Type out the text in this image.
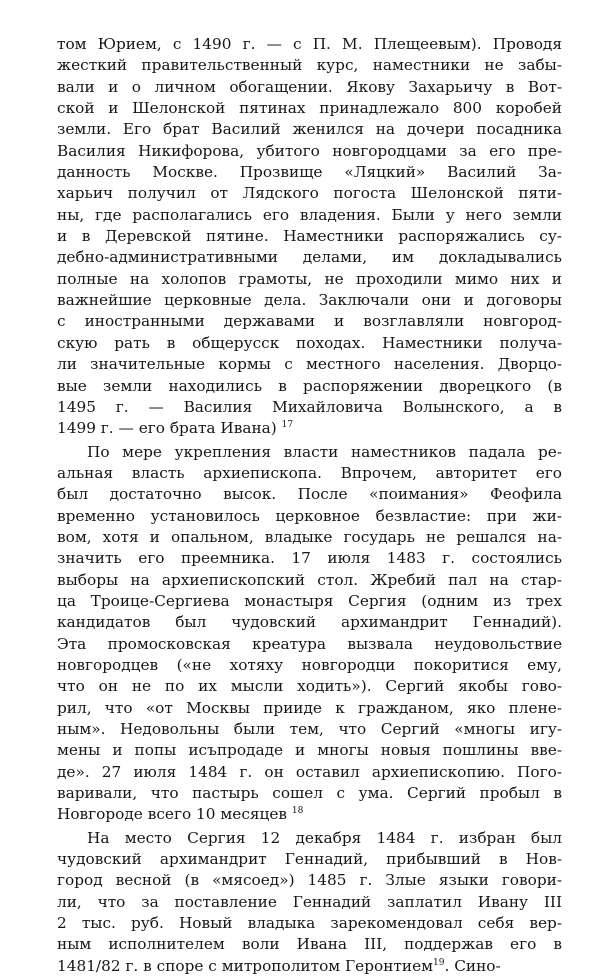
том Юрием, с 1490 г. — с П. М. Плещеевым). Проводя
жесткий правительственный курс, наместники не забы-
вали и о личном обогащении. Якову Захарьичу в Вот-
ской и Шелонской пятинах принадлежало 800 коробей
земли. Его брат Василий женился на дочери посадника
Василия Никифорова, убитого новгородцами за его пре-
данность Москве. Прозвище «Ляцкий» Василий За-
харьич получил от Лядского погоста Шелонской пяти-
ны, где располагались его владения. Были у него земли
и в Деревской пятине. Наместники распоряжались су-
дебно-административными делами, им докладывались
полные на холопов грамоты, не проходили мимо них и
важнейшие церковные дела. Заключали они и договоры
с иностранными державами и возглавляли новгород-
скую рать в общерусск походах. Наместники получа-
ли значительные кормы с местного населения. Дворцо-
вые земли находились в распоряжении дворецкого (в
1495 г. — Василия Михайловича Волынского, а в
1499 г. — его брата Ивана) $^{17}$
По мере укрепления власти наместников падала ре-
альная власть архиепископа. Впрочем, авторитет его
был достаточно высок. После «поимания» Феофила
временно установилось церковное безвластие: при жи-
вом, хотя и опальном, владыке государь не решался на-
значить его преемника. 17 июля 1483 г. состоялись
выборы на архиепископский стол. Жребий пал на стар-
ца Троице-Сергиева монастыря Сергия (одним из трех
кандидатов был чудовский архимандрит Геннадий).
Эта промосковская креатура вызвала неудовольствие
новгородцев («не хотяху новгородци покоритися ему,
что он не по их мысли ходить»). Сергий якобы гово-
рил, что «от Москвы прииде к гражданом, яко плене-
ным». Недовольны были тем, что Сергий «многы игу-
мены и попы исъпродаде и многы новыя пошлины вве-
де». 27 июля 1484 г. он оставил архиепископию. Пого-
варивали, что пастырь сошел с ума. Сергий пробыл в
Новгороде всего 10 месяцев $^{18}$
На место Сергия 12 декабря 1484 г. избран был
чудовский архимандрит Геннадий, прибывший в Нов-
город весной (в «мясоед») 1485 г. Злые языки говори-
ли, что за поставление Геннадий заплатил Ивану III
2 тыс. руб. Новый владыка зарекомендовал себя вер-
ным исполнителем воли Ивана III, поддержав его в
1481/82 г. в споре с митрополитом Геронтием$^{19}$. Сино-
